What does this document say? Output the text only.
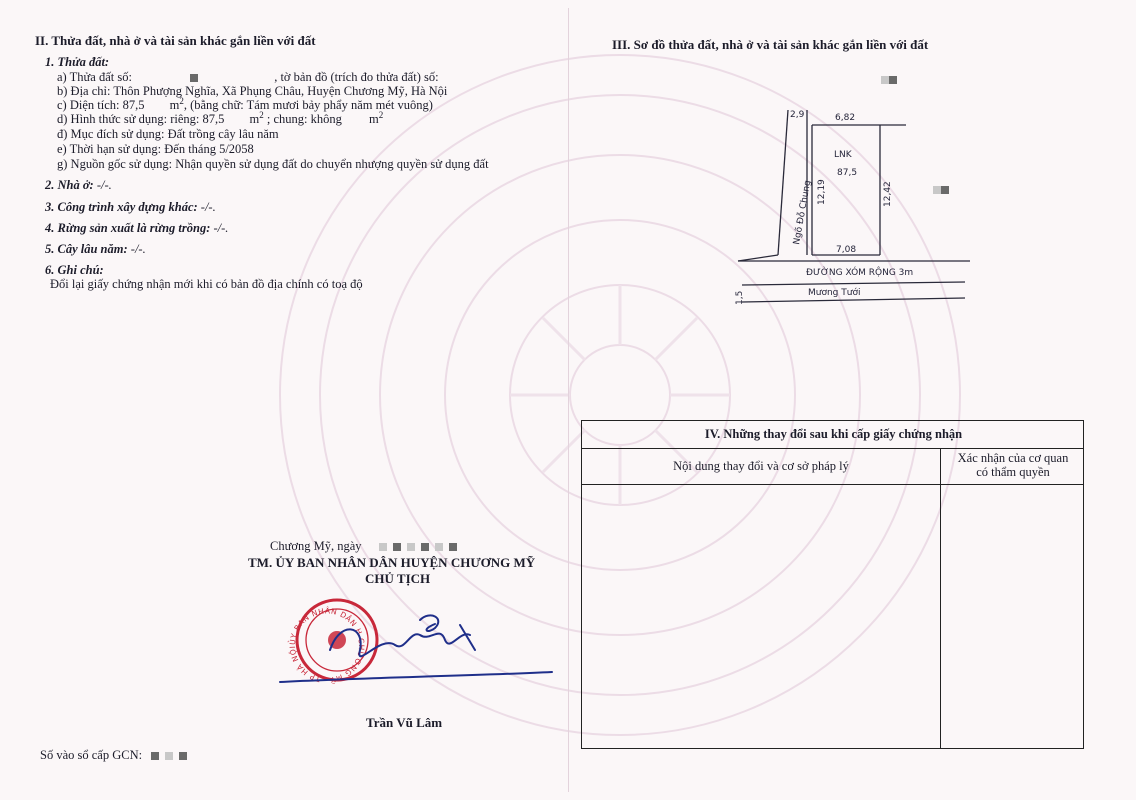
II. Thửa đất, nhà ở và tài sản khác gắn liền với đất
1. Thửa đất:
a) Thửa đất số:	, tờ bản đồ (trích đo thửa đất) số:
b) Địa chỉ: Thôn Phượng Nghĩa, Xã Phụng Châu, Huyện Chương Mỹ, Hà Nội
c) Diện tích: 87,5 $m^2$, (bằng chữ: Tám mươi bảy phẩy năm mét vuông)
d) Hình thức sử dụng: riêng: 87,5 $m^2$ ; chung: không $m^2$
đ) Mục đích sử dụng: Đất trồng cây lâu năm
e) Thời hạn sử dụng: Đến tháng 5/2058
g) Nguồn gốc sử dụng: Nhận quyền sử dụng đất do chuyển nhượng quyền sử dụng đất
2. Nhà ở: -/-.
3. Công trình xây dựng khác: -/-.
4. Rừng sản xuất là rừng trồng: -/-.
5. Cây lâu năm: -/-.
6. Ghi chú:
Đổi lại giấy chứng nhận mới khi có bản đồ địa chính có toạ độ
Chương Mỹ, ngày
TM. ỦY BAN NHÂN DÂN HUYỆN CHƯƠNG MỸ
CHỦ TỊCH
ỦY BAN NHÂN DÂN H CHƯƠNG MỸ · TP HÀ NỘI
Trần Vũ Lâm
Số vào sổ cấp GCN:
III. Sơ đồ thửa đất, nhà ở và tài sản khác gắn liền với đất
6,82
2,9
LNK
87,5
12,19	12,42
7,08
Ngõ Đỗ Chung
ĐƯỜNG XÓM RỘNG 3m
Mương Tưới
1,5
IV. Những thay đổi sau khi cấp giấy chứng nhận
Nội dung thay đổi và cơ sở pháp lý
Xác nhận của cơ quan
có thẩm quyền
